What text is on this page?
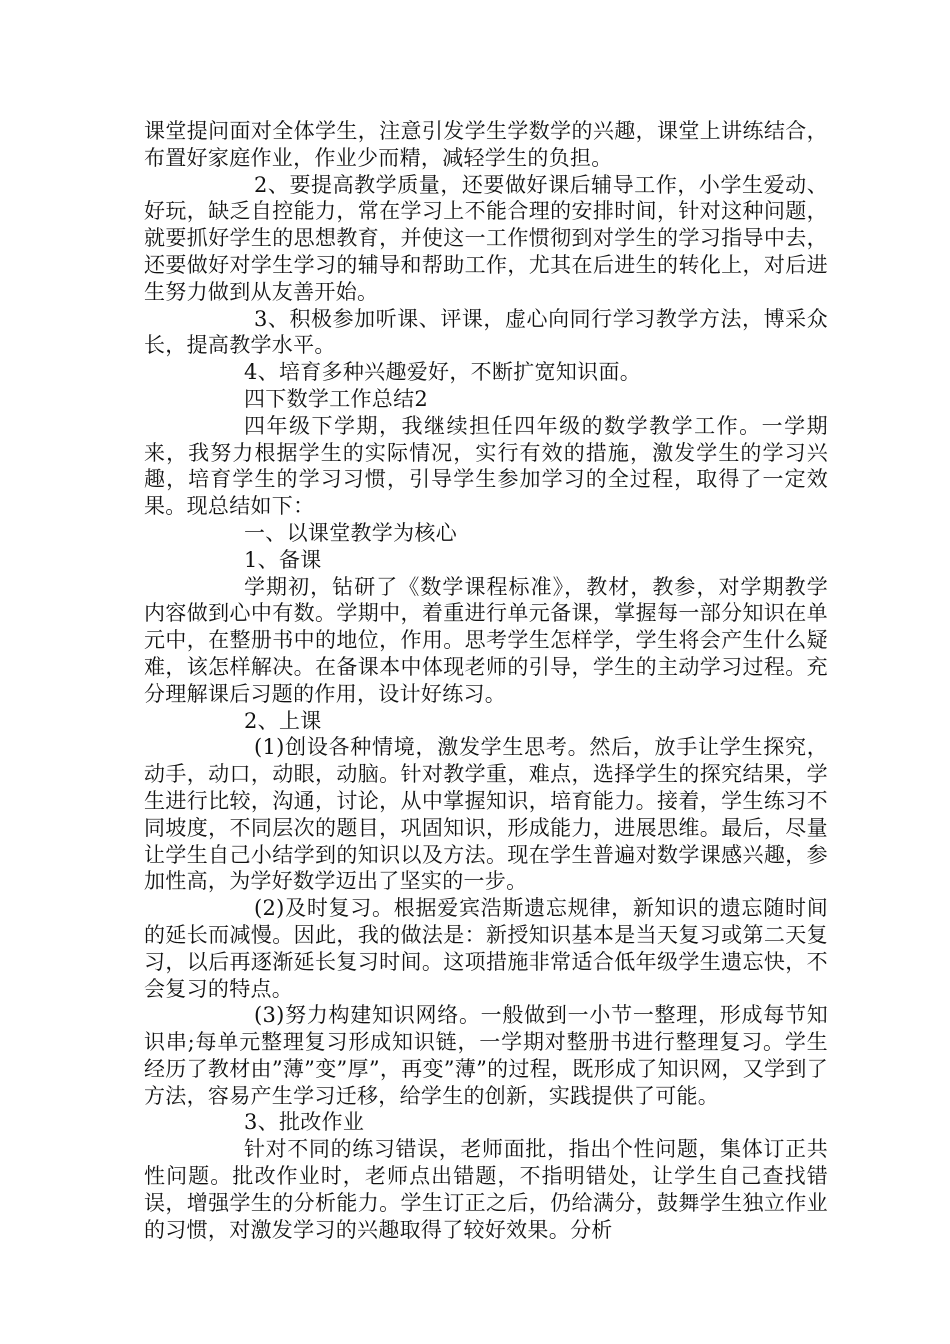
课堂提问面对全体学生，注意引发学生学数学的兴趣，课堂上讲练结合，布置好家庭作业，作业少而精，减轻学生的负担。

2、要提高教学质量，还要做好课后辅导工作，小学生爱动、好玩，缺乏自控能力，常在学习上不能合理的安排时间，针对这种问题，就要抓好学生的思想教育，并使这一工作惯彻到对学生的学习指导中去，还要做好对学生学习的辅导和帮助工作，尤其在后进生的转化上，对后进生努力做到从友善开始。

3、积极参加听课、评课，虚心向同行学习教学方法，博采众长，提高教学水平。

4、培育多种兴趣爱好，不断扩宽知识面。

四下数学工作总结2

四年级下学期，我继续担任四年级的数学教学工作。一学期来，我努力根据学生的实际情况，实行有效的措施，激发学生的学习兴趣，培育学生的学习习惯，引导学生参加学习的全过程，取得了一定效果。现总结如下：

一、以课堂教学为核心

1、备课

学期初，钻研了《数学课程标准》，教材，教参，对学期教学内容做到心中有数。学期中，着重进行单元备课，掌握每一部分知识在单元中，在整册书中的地位，作用。思考学生怎样学，学生将会产生什么疑难，该怎样解决。在备课本中体现老师的引导，学生的主动学习过程。充分理解课后习题的作用，设计好练习。

2、上课

(1)创设各种情境，激发学生思考。然后，放手让学生探究，动手，动口，动眼，动脑。针对教学重，难点，选择学生的探究结果，学生进行比较，沟通，讨论，从中掌握知识，培育能力。接着，学生练习不同坡度，不同层次的题目，巩固知识，形成能力，进展思维。最后，尽量让学生自己小结学到的知识以及方法。现在学生普遍对数学课感兴趣，参加性高，为学好数学迈出了坚实的一步。

(2)及时复习。根据爱宾浩斯遗忘规律，新知识的遗忘随时间的延长而减慢。因此，我的做法是：新授知识基本是当天复习或第二天复习，以后再逐渐延长复习时间。这项措施非常适合低年级学生遗忘快，不会复习的特点。

(3)努力构建知识网络。一般做到一小节一整理，形成每节知识串;每单元整理复习形成知识链，一学期对整册书进行整理复习。学生经历了教材由”薄”变”厚”，再变”薄”的过程，既形成了知识网，又学到了方法，容易产生学习迁移，给学生的创新，实践提供了可能。

3、批改作业

针对不同的练习错误，老师面批，指出个性问题，集体订正共性问题。批改作业时，老师点出错题，不指明错处，让学生自己查找错误，增强学生的分析能力。学生订正之后，仍给满分，鼓舞学生独立作业的习惯，对激发学习的兴趣取得了较好效果。分析
